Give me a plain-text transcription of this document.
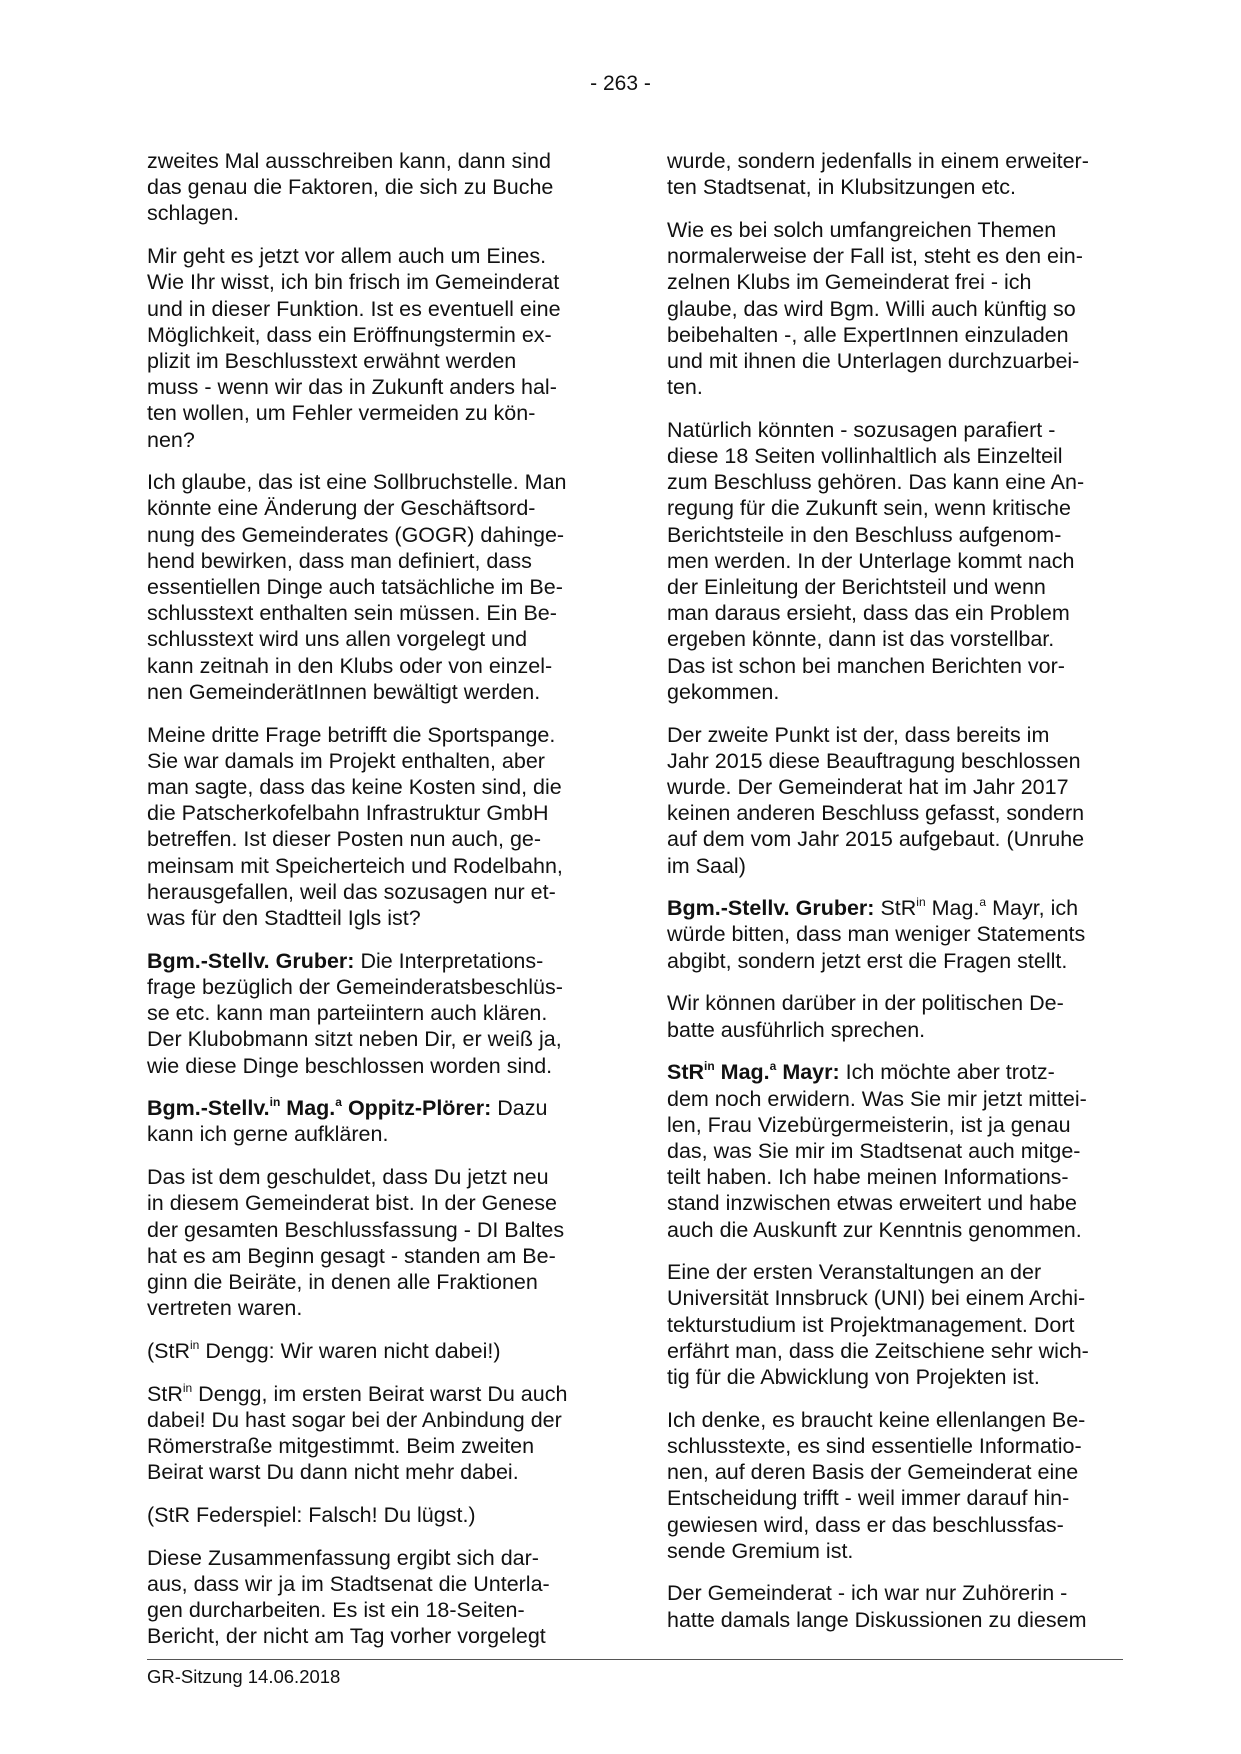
- 263 -

zweites Mal ausschreiben kann, dann sind
das genau die Faktoren, die sich zu Buche
schlagen.

Mir geht es jetzt vor allem auch um Eines.
Wie Ihr wisst, ich bin frisch im Gemeinderat
und in dieser Funktion. Ist es eventuell eine
Möglichkeit, dass ein Eröffnungstermin ex-
plizit im Beschlusstext erwähnt werden
muss - wenn wir das in Zukunft anders hal-
ten wollen, um Fehler vermeiden zu kön-
nen?

Ich glaube, das ist eine Sollbruchstelle. Man
könnte eine Änderung der Geschäftsord-
nung des Gemeinderates (GOGR) dahinge-
hend bewirken, dass man definiert, dass
essentiellen Dinge auch tatsächliche im Be-
schlusstext enthalten sein müssen. Ein Be-
schlusstext wird uns allen vorgelegt und
kann zeitnah in den Klubs oder von einzel-
nen GemeinderätInnen bewältigt werden.

Meine dritte Frage betrifft die Sportspange.
Sie war damals im Projekt enthalten, aber
man sagte, dass das keine Kosten sind, die
die Patscherkofelbahn Infrastruktur GmbH
betreffen. Ist dieser Posten nun auch, ge-
meinsam mit Speicherteich und Rodelbahn,
herausgefallen, weil das sozusagen nur et-
was für den Stadtteil Igls ist?

Bgm.-Stellv. Gruber: Die Interpretations-
frage bezüglich der Gemeinderatsbeschlüs-
se etc. kann man parteiintern auch klären.
Der Klubobmann sitzt neben Dir, er weiß ja,
wie diese Dinge beschlossen worden sind.

Bgm.-Stellv.$^{in}$ Mag.$^a$ Oppitz-Plörer: Dazu
kann ich gerne aufklären.

Das ist dem geschuldet, dass Du jetzt neu
in diesem Gemeinderat bist. In der Genese
der gesamten Beschlussfassung - DI Baltes
hat es am Beginn gesagt - standen am Be-
ginn die Beiräte, in denen alle Fraktionen
vertreten waren.

(StR$^{in}$ Dengg: Wir waren nicht dabei!)

StR$^{in}$ Dengg, im ersten Beirat warst Du auch
dabei! Du hast sogar bei der Anbindung der
Römerstraße mitgestimmt. Beim zweiten
Beirat warst Du dann nicht mehr dabei.

(StR Federspiel: Falsch! Du lügst.)

Diese Zusammenfassung ergibt sich dar-
aus, dass wir ja im Stadtsenat die Unterla-
gen durcharbeiten. Es ist ein 18-Seiten-
Bericht, der nicht am Tag vorher vorgelegt

wurde, sondern jedenfalls in einem erweiter-
ten Stadtsenat, in Klubsitzungen etc.

Wie es bei solch umfangreichen Themen
normalerweise der Fall ist, steht es den ein-
zelnen Klubs im Gemeinderat frei - ich
glaube, das wird Bgm. Willi auch künftig so
beibehalten -, alle ExpertInnen einzuladen
und mit ihnen die Unterlagen durchzuarbei-
ten.

Natürlich könnten - sozusagen parafiert -
diese 18 Seiten vollinhaltlich als Einzelteil
zum Beschluss gehören. Das kann eine An-
regung für die Zukunft sein, wenn kritische
Berichtsteile in den Beschluss aufgenom-
men werden. In der Unterlage kommt nach
der Einleitung der Berichtsteil und wenn
man daraus ersieht, dass das ein Problem
ergeben könnte, dann ist das vorstellbar.
Das ist schon bei manchen Berichten vor-
gekommen.

Der zweite Punkt ist der, dass bereits im
Jahr 2015 diese Beauftragung beschlossen
wurde. Der Gemeinderat hat im Jahr 2017
keinen anderen Beschluss gefasst, sondern
auf dem vom Jahr 2015 aufgebaut. (Unruhe
im Saal)

Bgm.-Stellv. Gruber: StR$^{in}$ Mag.$^a$ Mayr, ich
würde bitten, dass man weniger Statements
abgibt, sondern jetzt erst die Fragen stellt.

Wir können darüber in der politischen De-
batte ausführlich sprechen.

StR$^{in}$ Mag.$^a$ Mayr: Ich möchte aber trotz-
dem noch erwidern. Was Sie mir jetzt mittei-
len, Frau Vizebürgermeisterin, ist ja genau
das, was Sie mir im Stadtsenat auch mitge-
teilt haben. Ich habe meinen Informations-
stand inzwischen etwas erweitert und habe
auch die Auskunft zur Kenntnis genommen.

Eine der ersten Veranstaltungen an der
Universität Innsbruck (UNI) bei einem Archi-
tekturstudium ist Projektmanagement. Dort
erfährt man, dass die Zeitschiene sehr wich-
tig für die Abwicklung von Projekten ist.

Ich denke, es braucht keine ellenlangen Be-
schlusstexte, es sind essentielle Informatio-
nen, auf deren Basis der Gemeinderat eine
Entscheidung trifft - weil immer darauf hin-
gewiesen wird, dass er das beschlussfas-
sende Gremium ist.

Der Gemeinderat - ich war nur Zuhörerin -
hatte damals lange Diskussionen zu diesem

GR-Sitzung 14.06.2018
